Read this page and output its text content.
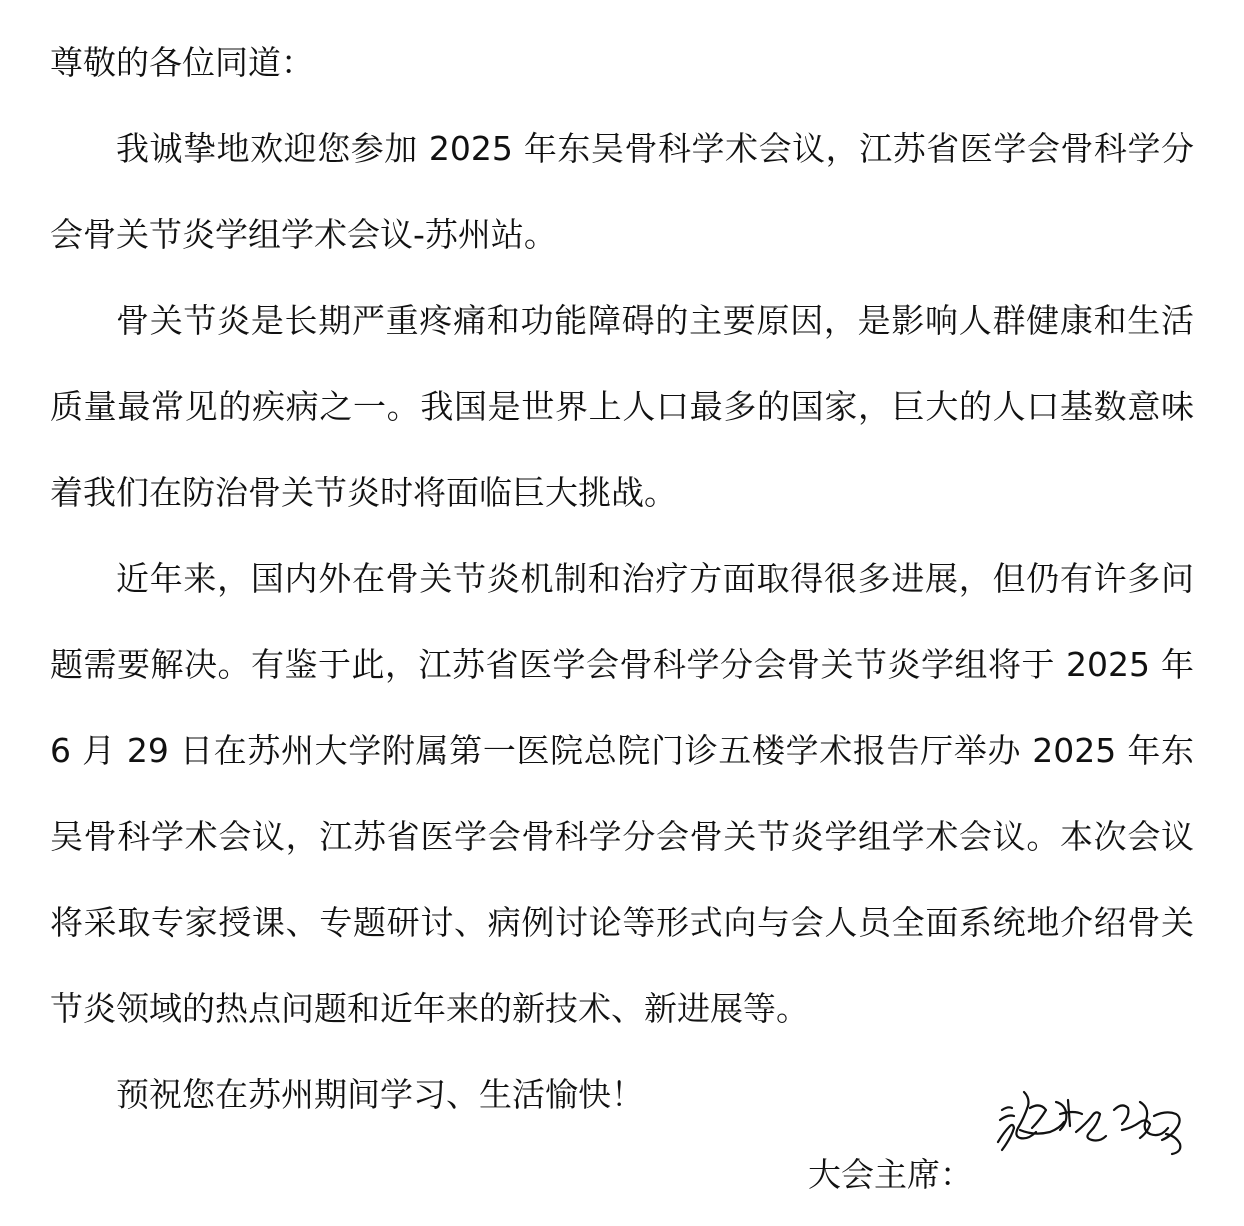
尊敬的各位同道：

我诚挚地欢迎您参加 2025 年东吴骨科学术会议，江苏省医学会骨科学分会骨关节炎学组学术会议-苏州站。

骨关节炎是长期严重疼痛和功能障碍的主要原因，是影响人群健康和生活质量最常见的疾病之一。我国是世界上人口最多的国家，巨大的人口基数意味着我们在防治骨关节炎时将面临巨大挑战。

近年来，国内外在骨关节炎机制和治疗方面取得很多进展，但仍有许多问题需要解决。有鉴于此，江苏省医学会骨科学分会骨关节炎学组将于 2025 年 6 月 29 日在苏州大学附属第一医院总院门诊五楼学术报告厅举办 2025 年东吴骨科学术会议，江苏省医学会骨科学分会骨关节炎学组学术会议。本次会议将采取专家授课、专题研讨、病例讨论等形式向与会人员全面系统地介绍骨关节炎领域的热点问题和近年来的新技术、新进展等。

预祝您在苏州期间学习、生活愉快！

大会主席：
